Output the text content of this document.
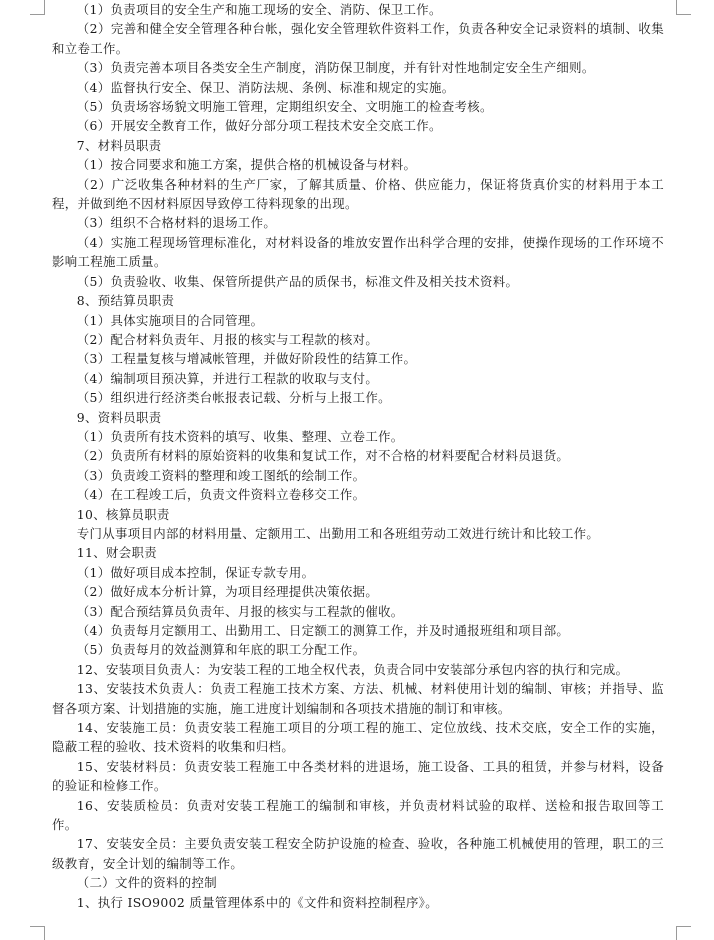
（1）负责项目的安全生产和施工现场的安全、消防、保卫工作。

（2）完善和健全安全管理各种台帐，强化安全管理软件资料工作，负责各种安全记录资料的填制、收集和立卷工作。

（3）负责完善本项目各类安全生产制度，消防保卫制度，并有针对性地制定安全生产细则。

（4）监督执行安全、保卫、消防法规、条例、标准和规定的实施。

（5）负责场容场貌文明施工管理，定期组织安全、文明施工的检查考核。

（6）开展安全教育工作，做好分部分项工程技术安全交底工作。

7、材料员职责

（1）按合同要求和施工方案，提供合格的机械设备与材料。

（2）广泛收集各种材料的生产厂家，了解其质量、价格、供应能力，保证将货真价实的材料用于本工程，并做到绝不因材料原因导致停工待料现象的出现。

（3）组织不合格材料的退场工作。

（4）实施工程现场管理标准化，对材料设备的堆放安置作出科学合理的安排，使操作现场的工作环境不影响工程施工质量。

（5）负责验收、收集、保管所提供产品的质保书，标准文件及相关技术资料。

8、预结算员职责

（1）具体实施项目的合同管理。

（2）配合材料负责年、月报的核实与工程款的核对。

（3）工程量复核与增减帐管理，并做好阶段性的结算工作。

（4）编制项目预决算，并进行工程款的收取与支付。

（5）组织进行经济类台帐报表记载、分析与上报工作。

9、资料员职责

（1）负责所有技术资料的填写、收集、整理、立卷工作。

（2）负责所有材料的原始资料的收集和复试工作，对不合格的材料要配合材料员退货。

（3）负责竣工资料的整理和竣工图纸的绘制工作。

（4）在工程竣工后，负责文件资料立卷移交工作。

10、核算员职责

专门从事项目内部的材料用量、定额用工、出勤用工和各班组劳动工效进行统计和比较工作。

11、财会职责

（1）做好项目成本控制，保证专款专用。

（2）做好成本分析计算，为项目经理提供决策依据。

（3）配合预结算员负责年、月报的核实与工程款的催收。

（4）负责每月定额用工、出勤用工、日定额工的测算工作，并及时通报班组和项目部。

（5）负责每月的效益测算和年底的职工分配工作。

12、安装项目负责人：为安装工程的工地全权代表，负责合同中安装部分承包内容的执行和完成。

13、安装技术负责人：负责工程施工技术方案、方法、机械、材料使用计划的编制、审核；并指导、监督各项方案、计划措施的实施，施工进度计划编制和各项技术措施的制订和审核。

14、安装施工员：负责安装工程施工项目的分项工程的施工、定位放线、技术交底，安全工作的实施，隐蔽工程的验收、技术资料的收集和归档。

15、安装材料员：负责安装工程施工中各类材料的进退场，施工设备、工具的租赁，并参与材料，设备的验证和检修工作。

16、安装质检员：负责对安装工程施工的编制和审核，并负责材料试验的取样、送检和报告取回等工作。

17、安装安全员：主要负责安装工程安全防护设施的检查、验收，各种施工机械使用的管理，职工的三级教育，安全计划的编制等工作。

（二）文件的资料的控制

1、执行 ISO9002 质量管理体系中的《文件和资料控制程序》。
